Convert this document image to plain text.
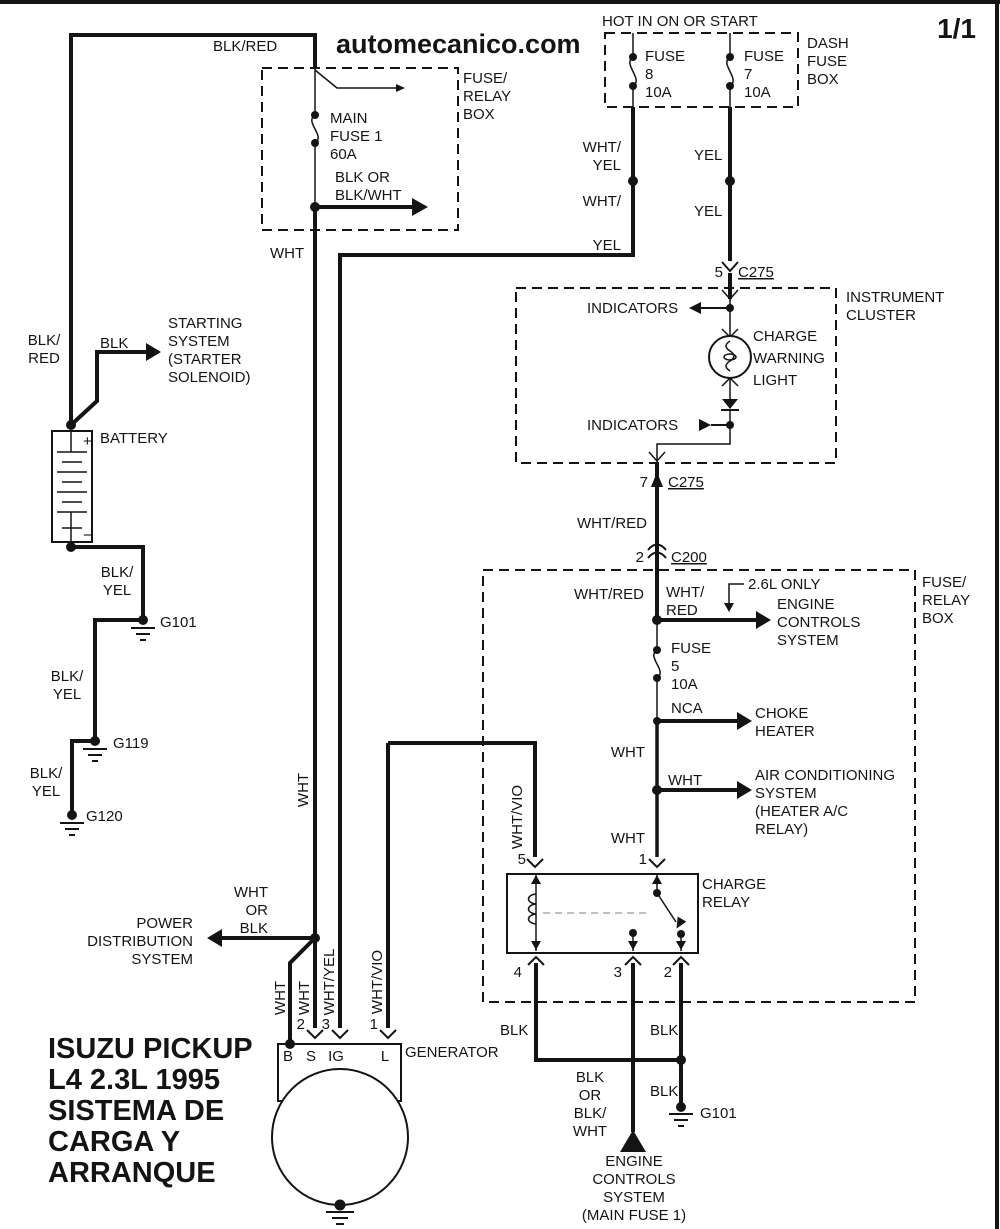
automecanico.com	1/1
HOT IN ON OR START
DASH
FUSE
BOX
FUSE
8
10A
FUSE
7
10A
WHT/
YEL
WHT/
YEL
YEL
YEL
5 C275
INSTRUMENT
CLUSTER
INDICATORS
CHARGE
WARNING
LIGHT
INDICATORS
7 C275
WHT/RED
2 C200
FUSE/
RELAY
BOX
WHT/RED WHT/
RED
2.6L ONLY
ENGINE
CONTROLS
SYSTEM
FUSE
5
10A
NCA	CHOKE
HEATER
WHT
WHT	AIR CONDITIONING
SYSTEM
(HEATER A/C
RELAY)
WHT
WHT/VIO
5	1
CHARGE
RELAY
4	3	2
BLK	BLK
BLK
OR
BLK/
WHT
BLK
G101
ENGINE
CONTROLS
SYSTEM
(MAIN FUSE 1)
BLK/RED
BLK/
RED
BLK
STARTING
SYSTEM
(STARTER
SOLENOID)
+
−
BATTERY
BLK/
YEL
G101
BLK/
YEL
G119
BLK/
YEL
G120
FUSE/
RELAY
BOX
MAIN
FUSE 1
60A
BLK OR
BLK/WHT
WHT
WHT
POWER
DISTRIBUTION
SYSTEM
WHT
OR
BLK
WHT WHT WHT/YEL WHT/VIO
2 3	1
B S IG L GENERATOR
ISUZU PICKUP
L4 2.3L 1995
SISTEMA DE
CARGA Y
ARRANQUE
